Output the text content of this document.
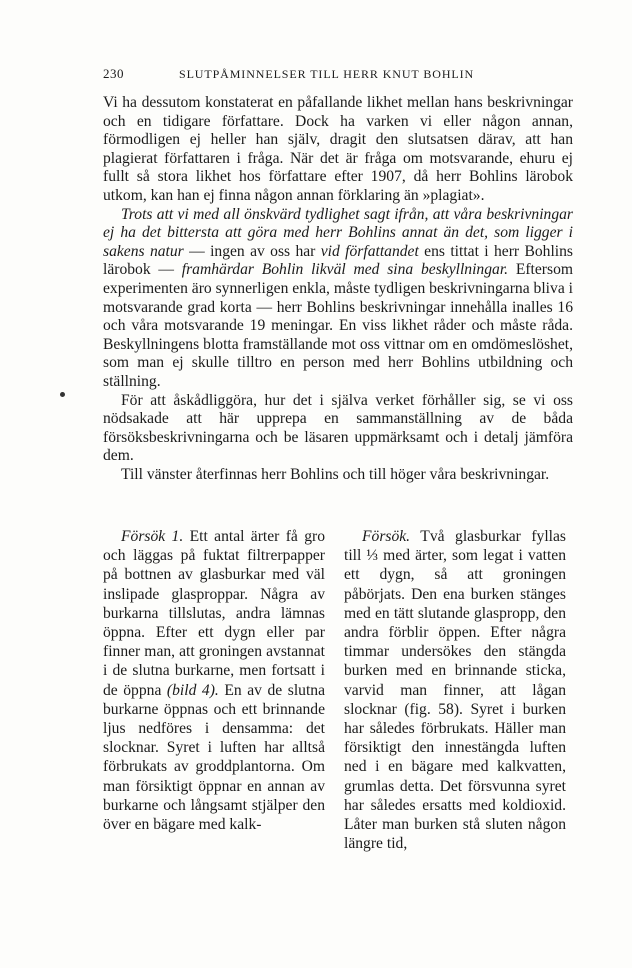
230	SLUTPÅMINNELSER TILL HERR KNUT BOHLIN

Vi ha dessutom konstaterat en påfallande likhet mellan hans beskrivningar och en tidigare författare. Dock ha varken vi eller någon annan, förmodligen ej heller han själv, dragit den slutsatsen därav, att han plagierat författaren i fråga. När det är fråga om motsvarande, ehuru ej fullt så stora likhet hos författare efter 1907, då herr Bohlins lärobok utkom, kan han ej finna någon annan förklaring än »plagiat».

Trots att vi med all önskvärd tydlighet sagt ifrån, att våra beskrivningar ej ha det bittersta att göra med herr Bohlins annat än det, som ligger i sakens natur — ingen av oss har vid författandet ens tittat i herr Bohlins lärobok — framhärdar Bohlin likväl med sina beskyllningar. Eftersom experimenten äro synnerligen enkla, måste tydligen beskrivningarna bliva i motsvarande grad korta — herr Bohlins beskrivningar innehålla inalles 16 och våra motsvarande 19 meningar. En viss likhet råder och måste råda. Beskyllningens blotta framställande mot oss vittnar om en omdömeslöshet, som man ej skulle tilltro en person med herr Bohlins utbildning och ställning.

För att åskådliggöra, hur det i själva verket förhåller sig, se vi oss nödsakade att här upprepa en sammanställning av de båda försöksbeskrivningarna och be läsaren uppmärksamt och i detalj jämföra dem.

Till vänster återfinnas herr Bohlins och till höger våra beskrivningar.

Försök 1. Ett antal ärter få gro och läggas på fuktat filtrerpapper på bottnen av glasburkar med väl inslipade glasproppar. Några av burkarna tillslutas, andra lämnas öppna. Efter ett dygn eller par finner man, att groningen avstannat i de slutna burkarne, men fortsatt i de öppna (bild 4). En av de slutna burkarne öppnas och ett brinnande ljus nedföres i densamma: det slocknar. Syret i luften har alltså förbrukats av groddplantorna. Om man försiktigt öppnar en annan av burkarne och långsamt stjälper den över en bägare med kalk-

Försök. Två glasburkar fyllas till ⅓ med ärter, som legat i vatten ett dygn, så att groningen påbörjats. Den ena burken stänges med en tätt slutande glaspropp, den andra förblir öppen. Efter några timmar undersökes den stängda burken med en brinnande sticka, varvid man finner, att lågan slocknar (fig. 58). Syret i burken har således förbrukats. Häller man försiktigt den innestängda luften ned i en bägare med kalkvatten, grumlas detta. Det försvunna syret har således ersatts med koldioxid. Låter man burken stå sluten någon längre tid,
